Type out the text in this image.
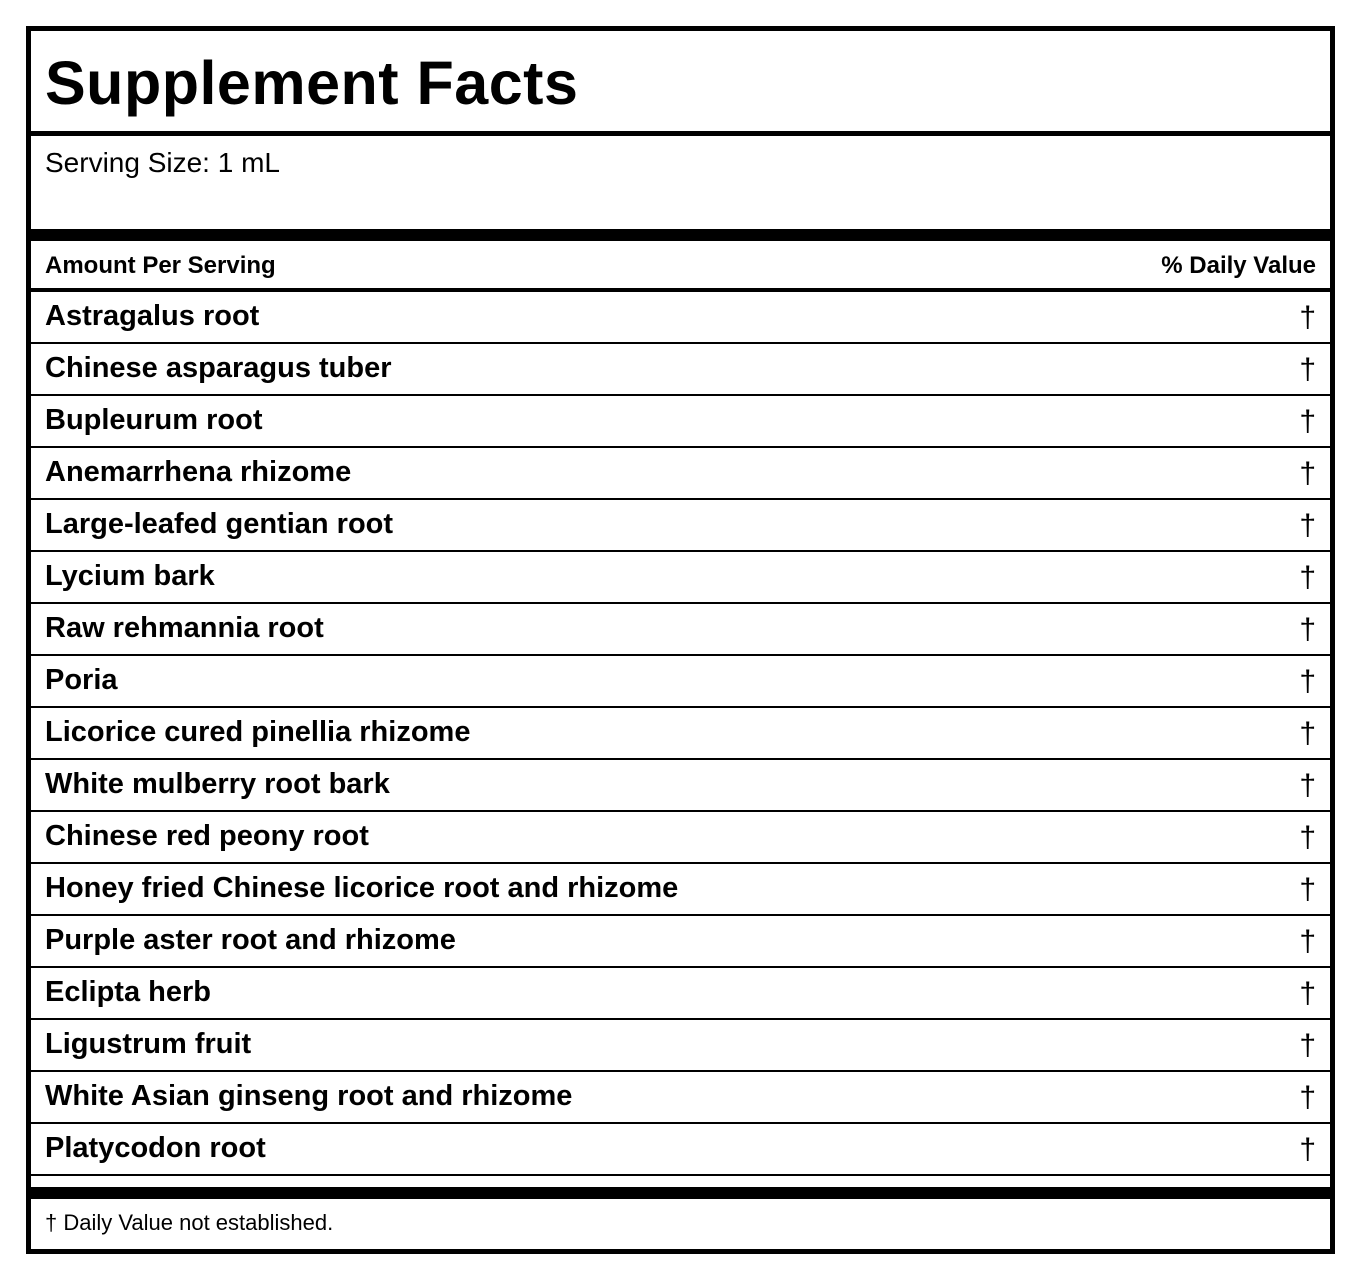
Supplement Facts
Serving Size: 1 mL
Amount Per Serving	% Daily Value
Astragalus root	†
Chinese asparagus tuber	†
Bupleurum root	†
Anemarrhena rhizome	†
Large-leafed gentian root	†
Lycium bark	†
Raw rehmannia root	†
Poria	†
Licorice cured pinellia rhizome	†
White mulberry root bark	†
Chinese red peony root	†
Honey fried Chinese licorice root and rhizome	†
Purple aster root and rhizome	†
Eclipta herb	†
Ligustrum fruit	†
White Asian ginseng root and rhizome	†
Platycodon root	†
† Daily Value not established.
